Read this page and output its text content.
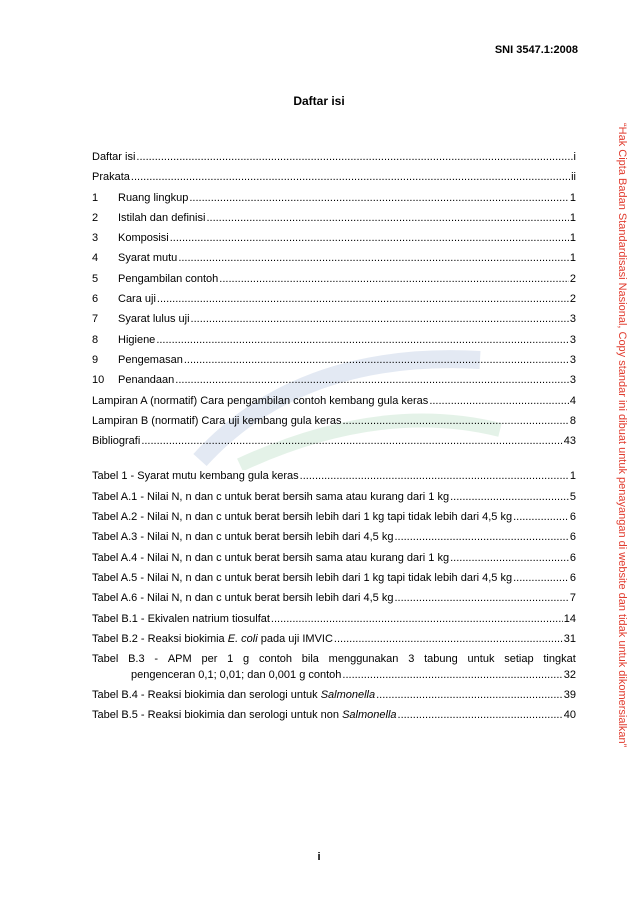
SNI 3547.1:2008
Daftar isi
Daftar isi .....	i
Prakata .....	ii
1	Ruang lingkup .....	1
2	Istilah dan definisi .....	1
3	Komposisi .....	1
4	Syarat mutu .....	1
5	Pengambilan contoh .....	2
6	Cara uji .....	2
7	Syarat lulus uji .....	3
8	Higiene .....	3
9	Pengemasan .....	3
10	Penandaan .....	3
Lampiran A (normatif) Cara pengambilan contoh kembang gula keras .....	4
Lampiran B (normatif) Cara uji kembang gula keras .....	8
Bibliografi .....	43
Tabel 1 - Syarat mutu kembang gula keras .....	1
Tabel A.1 - Nilai N, n dan c untuk berat bersih sama atau kurang dari 1 kg .....	5
Tabel A.2 - Nilai N, n dan c untuk berat bersih lebih dari 1 kg tapi tidak lebih dari 4,5 kg .....	6
Tabel A.3 - Nilai N, n dan c untuk berat bersih lebih dari 4,5 kg .....	6
Tabel A.4 - Nilai N, n dan c untuk berat bersih sama atau kurang dari 1 kg .....	6
Tabel A.5 - Nilai N, n dan c untuk berat bersih lebih dari 1 kg tapi tidak lebih dari 4,5 kg .....	6
Tabel A.6 - Nilai N, n dan c untuk berat bersih lebih dari 4,5 kg .....	7
Tabel B.1 - Ekivalen natrium tiosulfat .....	14
Tabel B.2 - Reaksi biokimia E. coli pada uji IMVIC .....	31
Tabel B.3 - APM per 1 g contoh bila menggunakan 3 tabung untuk setiap tingkat
pengenceran 0,1; 0,01; dan 0,001 g contoh .....	32
Tabel B.4 - Reaksi biokimia dan serologi untuk Salmonella .....	39
Tabel B.5 - Reaksi biokimia dan serologi untuk non Salmonella .....	40	“Hak Cipta Badan Standardisasi Nasional, Copy standar ini dibuat untuk penayangan di website dan tidak untuk dikomersialkan”
i
